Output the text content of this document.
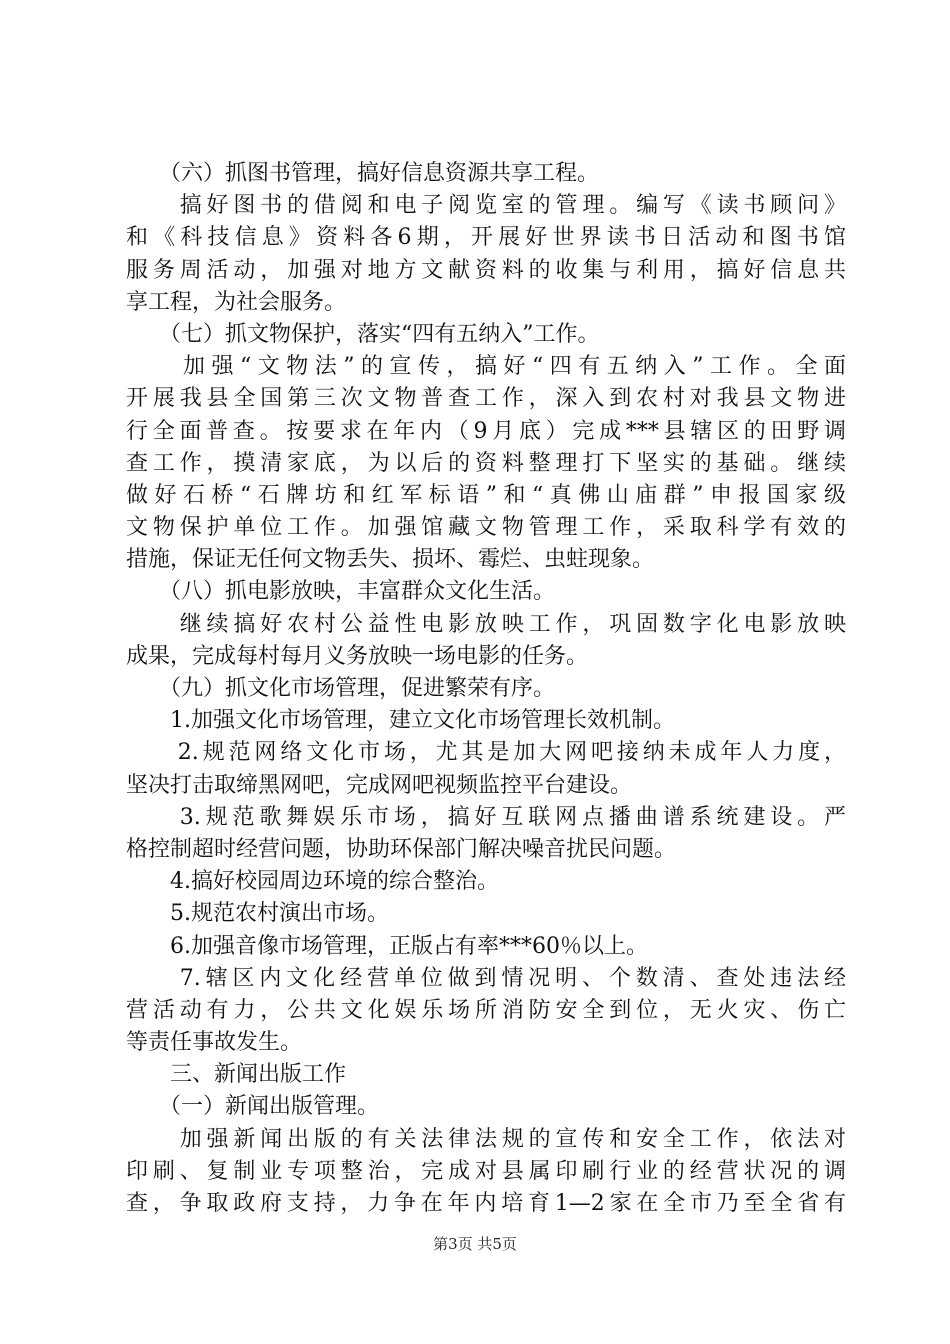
　　（六）抓图书管理，搞好信息资源共享工程。
　　搞好图书的借阅和电子阅览室的管理。编写《读书顾问》
和《科技信息》资料各6期，开展好世界读书日活动和图书馆
服务周活动，加强对地方文献资料的收集与利用，搞好信息共
享工程，为社会服务。
　　（七）抓文物保护，落实“四有五纳入”工作。
　　加强“文物法”的宣传，搞好“四有五纳入”工作。全面
开展我县全国第三次文物普查工作，深入到农村对我县文物进
行全面普查。按要求在年内（9月底）完成***县辖区的田野调
查工作，摸清家底，为以后的资料整理打下坚实的基础。继续
做好石桥“石牌坊和红军标语”和“真佛山庙群”申报国家级
文物保护单位工作。加强馆藏文物管理工作，采取科学有效的
措施，保证无任何文物丢失、损坏、霉烂、虫蛀现象。
　　（八）抓电影放映，丰富群众文化生活。
　　继续搞好农村公益性电影放映工作，巩固数字化电影放映
成果，完成每村每月义务放映一场电影的任务。
　　（九）抓文化市场管理，促进繁荣有序。
　　1.加强文化市场管理，建立文化市场管理长效机制。
　　2.规范网络文化市场，尤其是加大网吧接纳未成年人力度，
坚决打击取缔黑网吧，完成网吧视频监控平台建设。
　　3.规范歌舞娱乐市场，搞好互联网点播曲谱系统建设。严
格控制超时经营问题，协助环保部门解决噪音扰民问题。
　　4.搞好校园周边环境的综合整治。
　　5.规范农村演出市场。
　　6.加强音像市场管理，正版占有率***60％以上。
　　7.辖区内文化经营单位做到情况明、个数清、查处违法经
营活动有力，公共文化娱乐场所消防安全到位，无火灾、伤亡
等责任事故发生。
　　三、新闻出版工作
　　（一）新闻出版管理。
　　加强新闻出版的有关法律法规的宣传和安全工作，依法对
印刷、复制业专项整治，完成对县属印刷行业的经营状况的调
查，争取政府支持，力争在年内培育1—2家在全市乃至全省有
第3页 共5页
